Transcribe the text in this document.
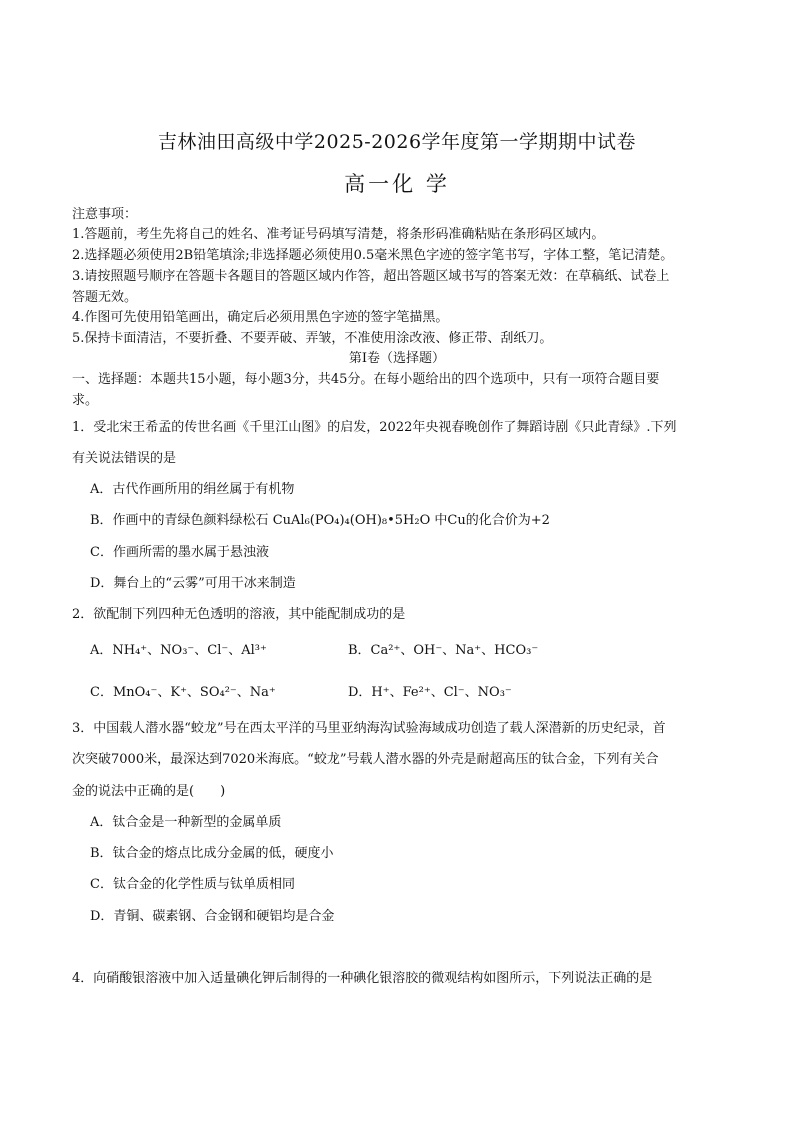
吉林油田高级中学2025-2026学年度第一学期期中试卷
高一化 学
注意事项：
1.答题前，考生先将自己的姓名、准考证号码填写清楚，将条形码准确粘贴在条形码区域内。
2.选择题必须使用2B铅笔填涂;非选择题必须使用0.5毫米黑色字迹的签字笔书写，字体工整，笔记清楚。
3.请按照题号顺序在答题卡各题目的答题区域内作答，超出答题区域书写的答案无效：在草稿纸、试卷上
答题无效。
4.作图可先使用铅笔画出，确定后必须用黑色字迹的签字笔描黑。
5.保持卡面清洁，不要折叠、不要弄破、弄皱，不准使用涂改液、修正带、刮纸刀。
第I卷（选择题）
一、选择题：本题共15小题，每小题3分，共45分。在每小题给出的四个选项中，只有一项符合题目要
求。
1．受北宋王希孟的传世名画《千里江山图》的启发，2022年央视春晚创作了舞蹈诗剧《只此青绿》.下列
有关说法错误的是
A．古代作画所用的绢丝属于有机物
B．作画中的青绿色颜料绿松石 CuAl₆(PO₄)₄(OH)₈•5H₂O 中Cu的化合价为+2
C．作画所需的墨水属于悬浊液
D．舞台上的“云雾”可用干冰来制造
2．欲配制下列四种无色透明的溶液，其中能配制成功的是
A．NH₄⁺、NO₃⁻、Cl⁻、Al³⁺	B．Ca²⁺、OH⁻、Na⁺、HCO₃⁻
C．MnO₄⁻、K⁺、SO₄²⁻、Na⁺	D．H⁺、Fe²⁺、Cl⁻、NO₃⁻
3．中国载人潜水器“蛟龙”号在西太平洋的马里亚纳海沟试验海域成功创造了载人深潜新的历史纪录，首
次突破7000米，最深达到7020米海底。“蛟龙”号载人潜水器的外壳是耐超高压的钛合金，下列有关合
金的说法中正确的是(　　)
A．钛合金是一种新型的金属单质
B．钛合金的熔点比成分金属的低，硬度小
C．钛合金的化学性质与钛单质相同
D．青铜、碳素钢、合金钢和硬铝均是合金
4．向硝酸银溶液中加入适量碘化钾后制得的一种碘化银溶胶的微观结构如图所示，下列说法正确的是
